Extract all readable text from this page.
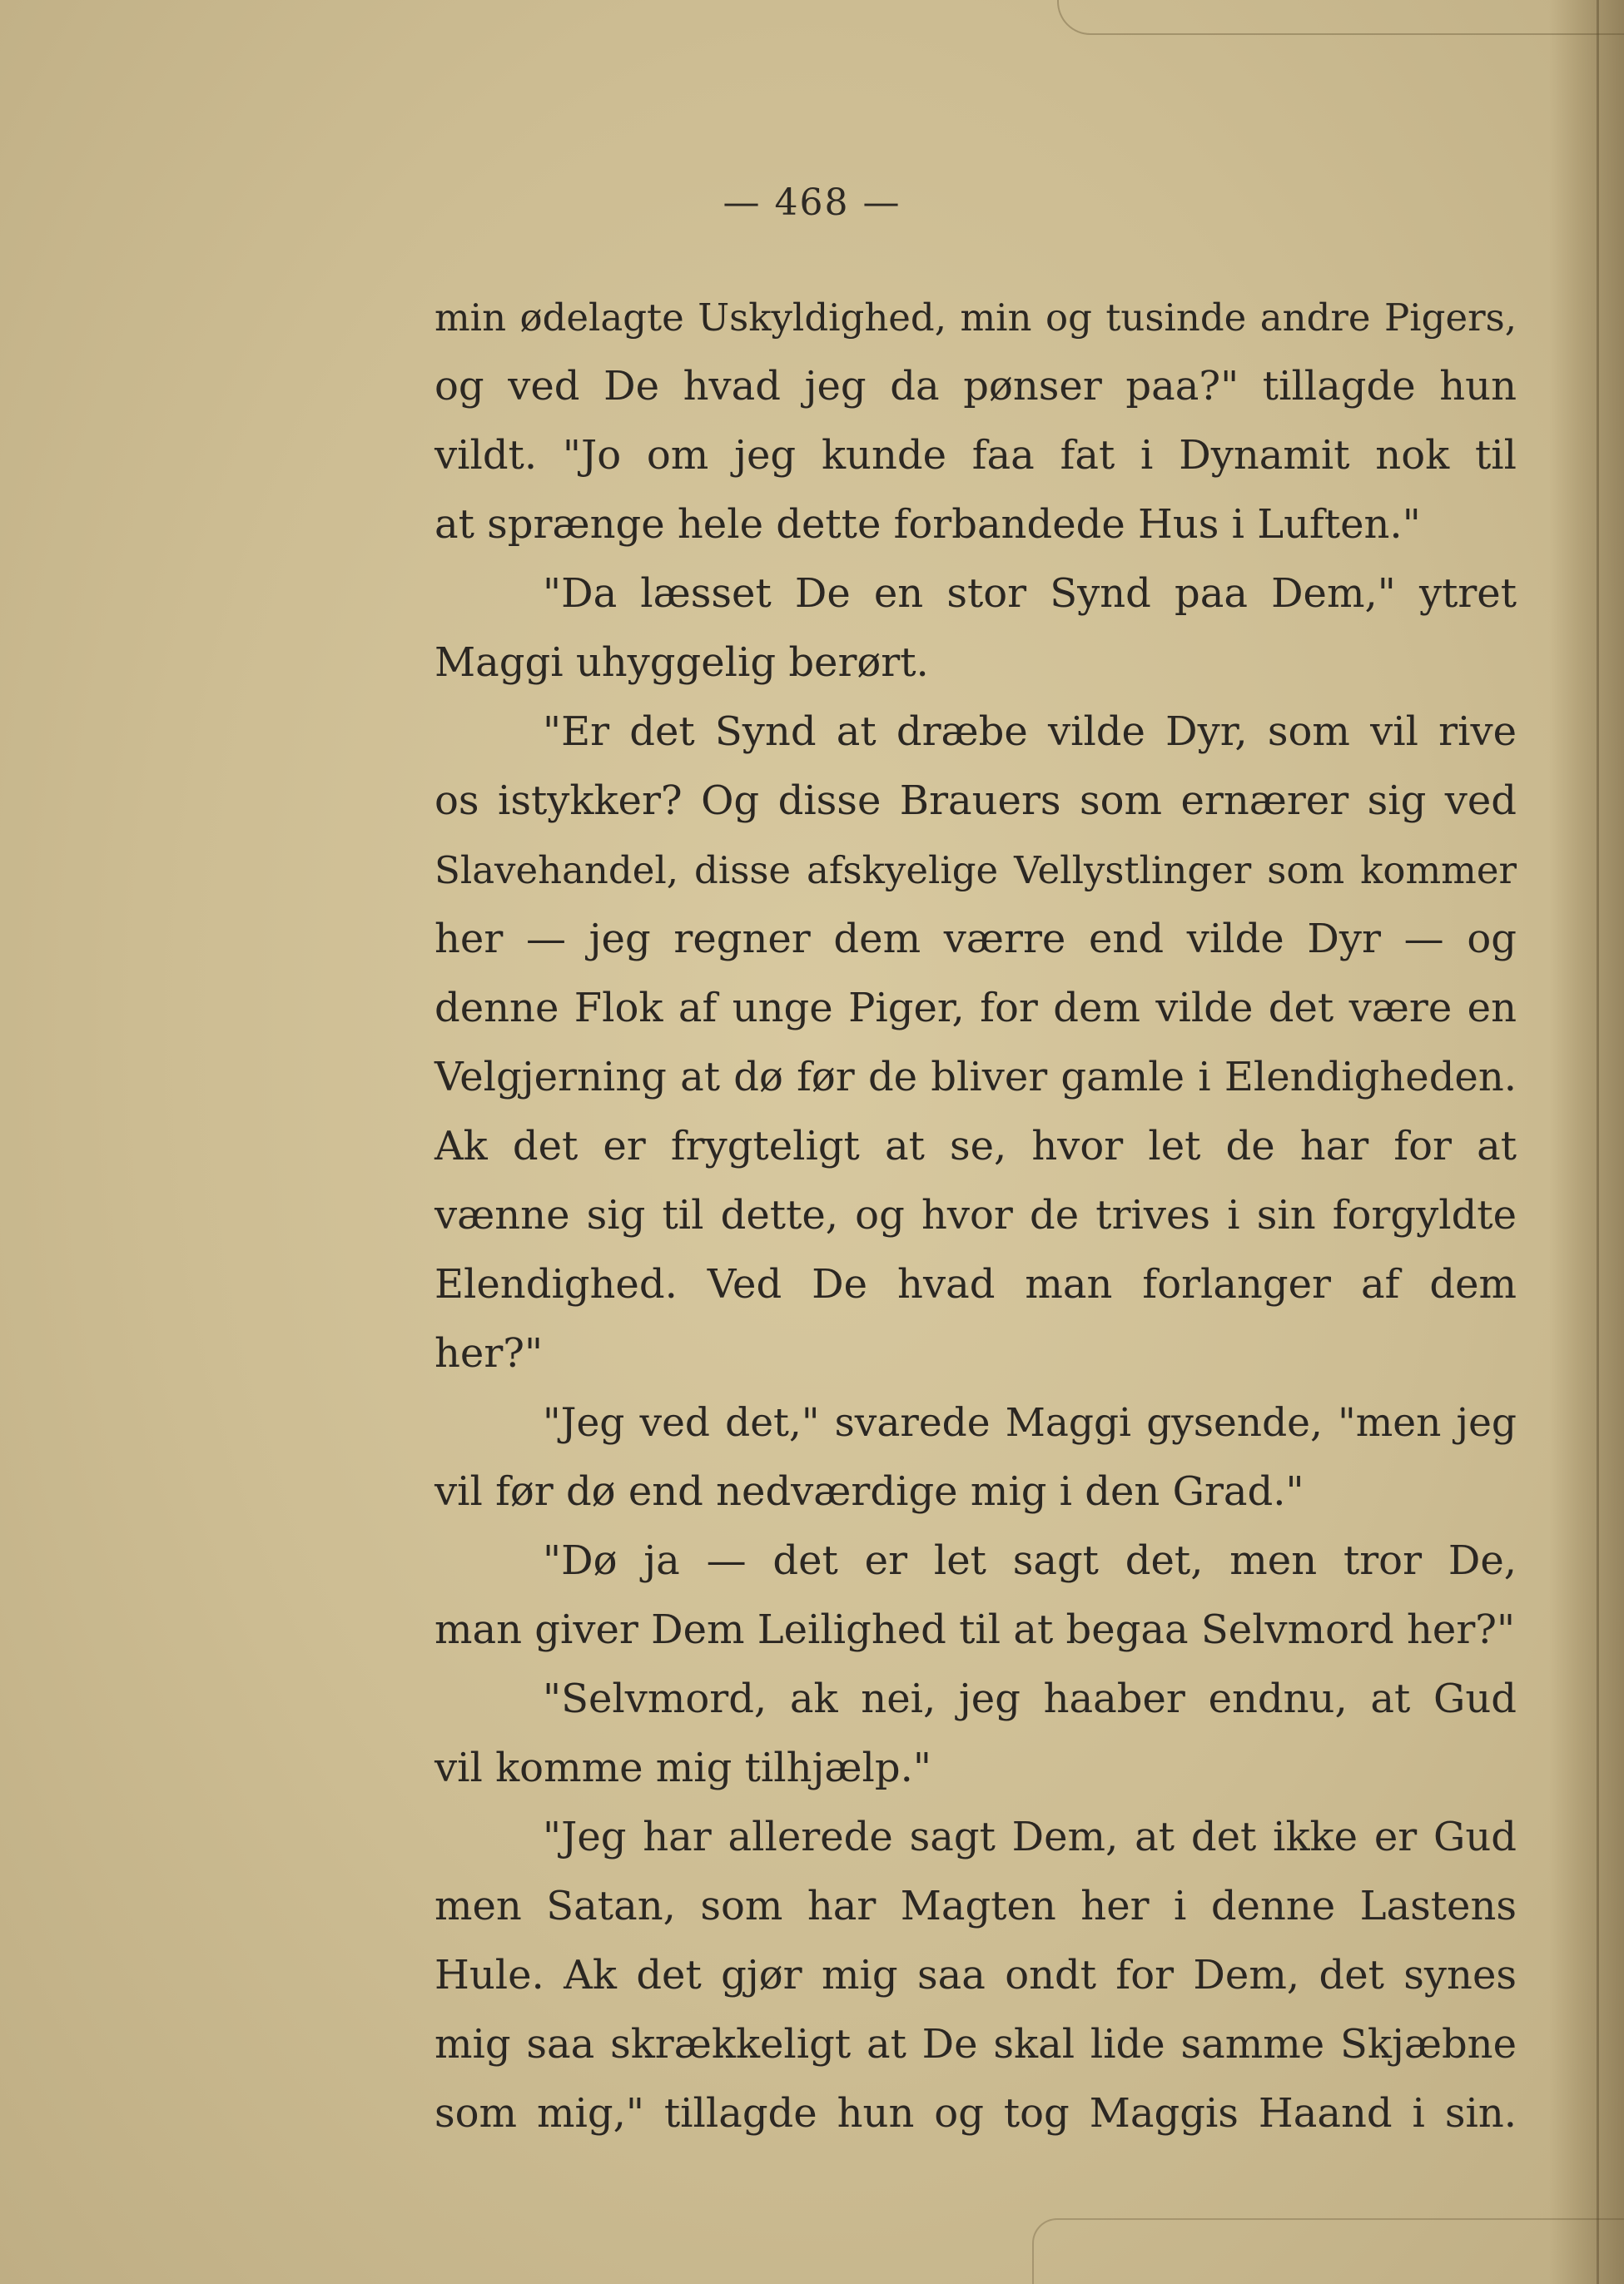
— 468 —
min ødelagte Uskyldighed, min og tusinde andre Pigers,
og ved De hvad jeg da pønser paa?" tillagde hun
vildt. "Jo om jeg kunde faa fat i Dynamit nok til
at sprænge hele dette forbandede Hus i Luften."
"Da læsset De en stor Synd paa Dem," ytret
Maggi uhyggelig berørt.
"Er det Synd at dræbe vilde Dyr, som vil rive
os istykker? Og disse Brauers som ernærer sig ved
Slavehandel, disse afskyelige Vellystlinger som kommer
her — jeg regner dem værre end vilde Dyr — og
denne Flok af unge Piger, for dem vilde det være en
Velgjerning at dø før de bliver gamle i Elendigheden.
Ak det er frygteligt at se, hvor let de har for at
vænne sig til dette, og hvor de trives i sin forgyldte
Elendighed. Ved De hvad man forlanger af dem
her?"
"Jeg ved det," svarede Maggi gysende, "men jeg
vil før dø end nedværdige mig i den Grad."
"Dø ja — det er let sagt det, men tror De,
man giver Dem Leilighed til at begaa Selvmord her?"
"Selvmord, ak nei, jeg haaber endnu, at Gud
vil komme mig tilhjælp."
"Jeg har allerede sagt Dem, at det ikke er Gud
men Satan, som har Magten her i denne Lastens
Hule. Ak det gjør mig saa ondt for Dem, det synes
mig saa skrækkeligt at De skal lide samme Skjæbne
som mig," tillagde hun og tog Maggis Haand i sin.
